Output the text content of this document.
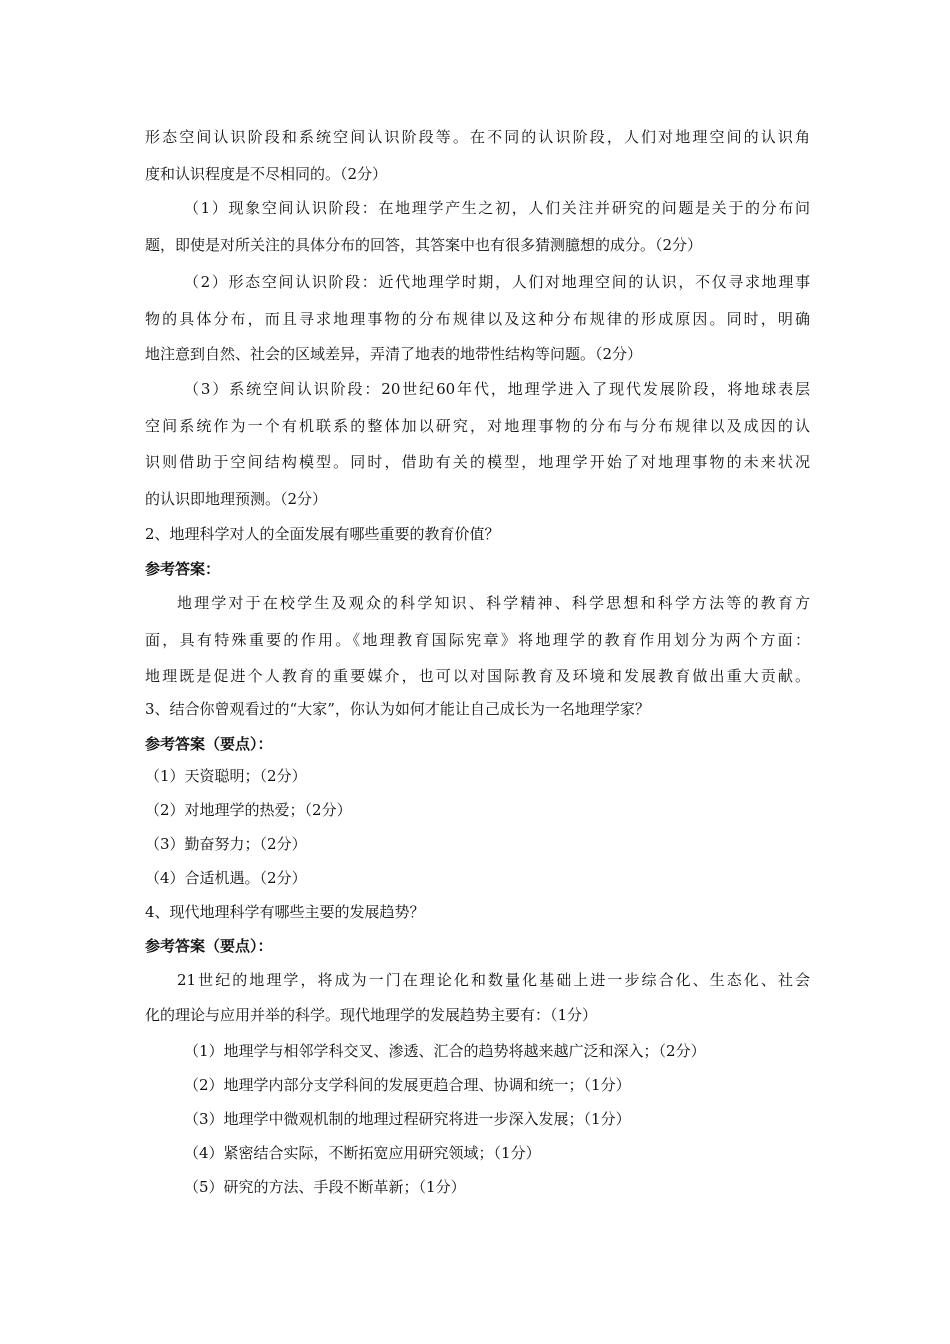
形态空间认识阶段和系统空间认识阶段等。在不同的认识阶段，人们对地理空间的认识角
度和认识程度是不尽相同的。（2分）
（1）现象空间认识阶段：在地理学产生之初，人们关注并研究的问题是关于的分布问
题，即使是对所关注的具体分布的回答，其答案中也有很多猜测臆想的成分。（2分）
（2）形态空间认识阶段：近代地理学时期，人们对地理空间的认识，不仅寻求地理事
物的具体分布，而且寻求地理事物的分布规律以及这种分布规律的形成原因。同时，明确
地注意到自然、社会的区域差异，弄清了地表的地带性结构等问题。（2分）
（3）系统空间认识阶段：20世纪60年代，地理学进入了现代发展阶段，将地球表层
空间系统作为一个有机联系的整体加以研究，对地理事物的分布与分布规律以及成因的认
识则借助于空间结构模型。同时，借助有关的模型，地理学开始了对地理事物的未来状况
的认识即地理预测。（2分）
2、地理科学对人的全面发展有哪些重要的教育价值？
参考答案：
地理学对于在校学生及观众的科学知识、科学精神、科学思想和科学方法等的教育方
面，具有特殊重要的作用。《地理教育国际宪章》将地理学的教育作用划分为两个方面：
地理既是促进个人教育的重要媒介，也可以对国际教育及环境和发展教育做出重大贡献。
3、结合你曾观看过的“大家”，你认为如何才能让自己成长为一名地理学家？
参考答案（要点）：
（1）天资聪明；（2分）
（2）对地理学的热爱；（2分）
（3）勤奋努力；（2分）
（4）合适机遇。（2分）
4、现代地理科学有哪些主要的发展趋势？
参考答案（要点）：
21世纪的地理学，将成为一门在理论化和数量化基础上进一步综合化、生态化、社会
化的理论与应用并举的科学。现代地理学的发展趋势主要有：（1分）
（1）地理学与相邻学科交叉、渗透、汇合的趋势将越来越广泛和深入；（2分）
（2）地理学内部分支学科间的发展更趋合理、协调和统一；（1分）
（3）地理学中微观机制的地理过程研究将进一步深入发展；（1分）
（4）紧密结合实际，不断拓宽应用研究领域；（1分）
（5）研究的方法、手段不断革新；（1分）
